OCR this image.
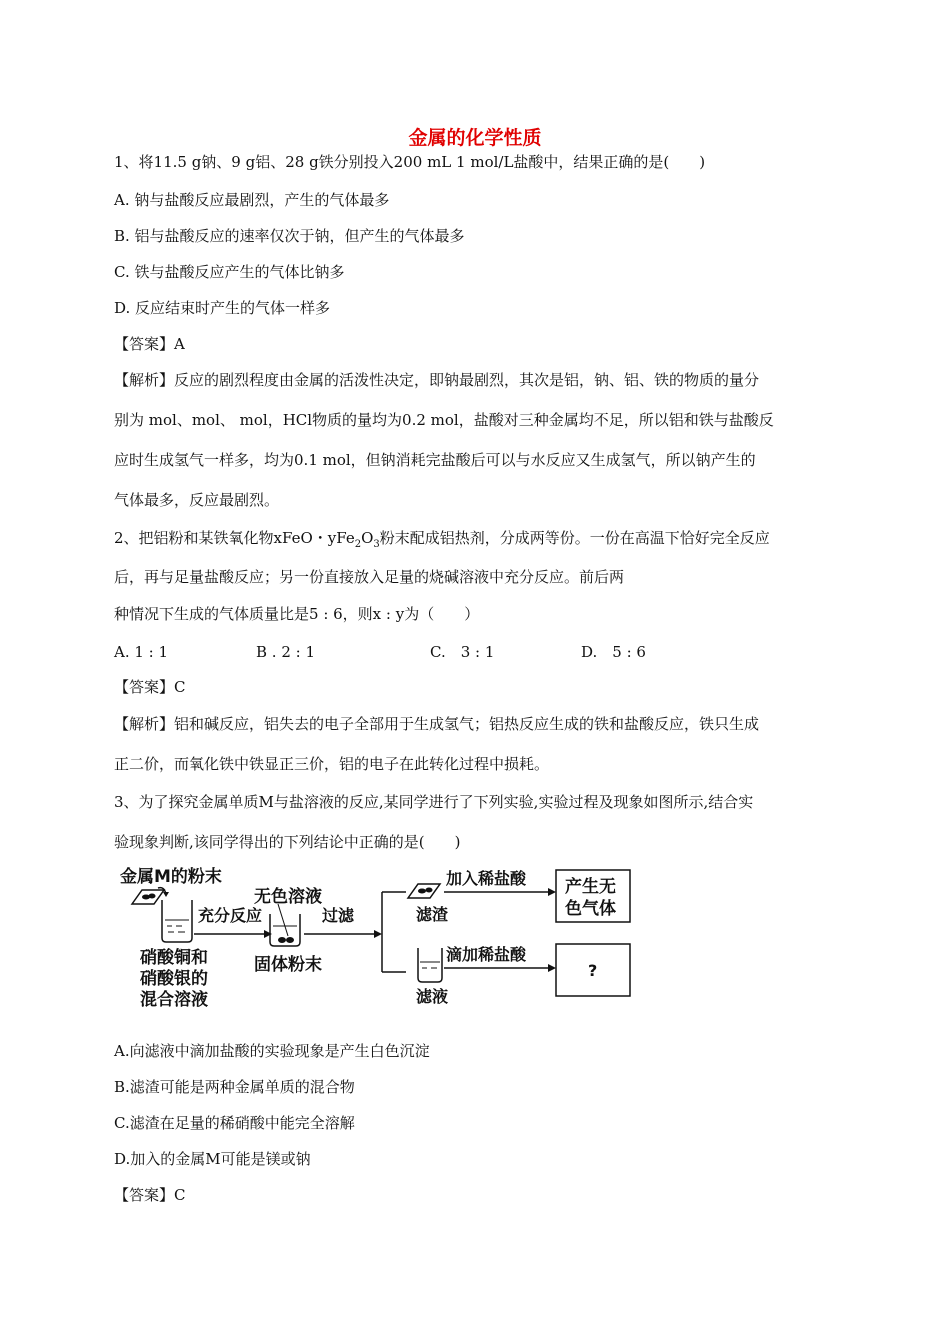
金属的化学性质
1、将11.5 g钠、9 g铝、28 g铁分别投入200 mL 1 mol/L盐酸中，结果正确的是(　　)
A. 钠与盐酸反应最剧烈，产生的气体最多
B. 铝与盐酸反应的速率仅次于钠，但产生的气体最多
C. 铁与盐酸反应产生的气体比钠多
D. 反应结束时产生的气体一样多
【答案】A
【解析】反应的剧烈程度由金属的活泼性决定，即钠最剧烈，其次是铝，钠、铝、铁的物质的量分
别为 mol、mol、 mol，HCl物质的量均为0.2 mol，盐酸对三种金属均不足，所以铝和铁与盐酸反
应时生成氢气一样多，均为0.1 mol，但钠消耗完盐酸后可以与水反应又生成氢气，所以钠产生的
气体最多，反应最剧烈。
2、把铝粉和某铁氧化物xFeO・$yFe_2O_3$粉末配成铝热剂，分成两等份。一份在高温下恰好完全反应
后，再与足量盐酸反应；另一份直接放入足量的烧碱溶液中充分反应。前后两
种情况下生成的气体质量比是5 : 6，则x : y为（　　）
A. 1 : 1	B . 2 : 1	C.　3 : 1	D.　5 : 6
【答案】C
【解析】铝和碱反应，铝失去的电子全部用于生成氢气；铝热反应生成的铁和盐酸反应，铁只生成
正二价，而氧化铁中铁显正三价，铝的电子在此转化过程中损耗。
3、为了探究金属单质M与盐溶液的反应,某同学进行了下列实验,实验过程及现象如图所示,结合实
验现象判断,该同学得出的下列结论中正确的是(　　)
金属M的粉末
硝酸铜和
硝酸银的
混合溶液
充分反应
无色溶液
固体粉末
过滤	滤渣
加入稀盐酸 产生无
色气体
滤液
滴加稀盐酸
?
A.向滤液中滴加盐酸的实验现象是产生白色沉淀
B.滤渣可能是两种金属单质的混合物
C.滤渣在足量的稀硝酸中能完全溶解
D.加入的金属M可能是镁或钠
【答案】C
